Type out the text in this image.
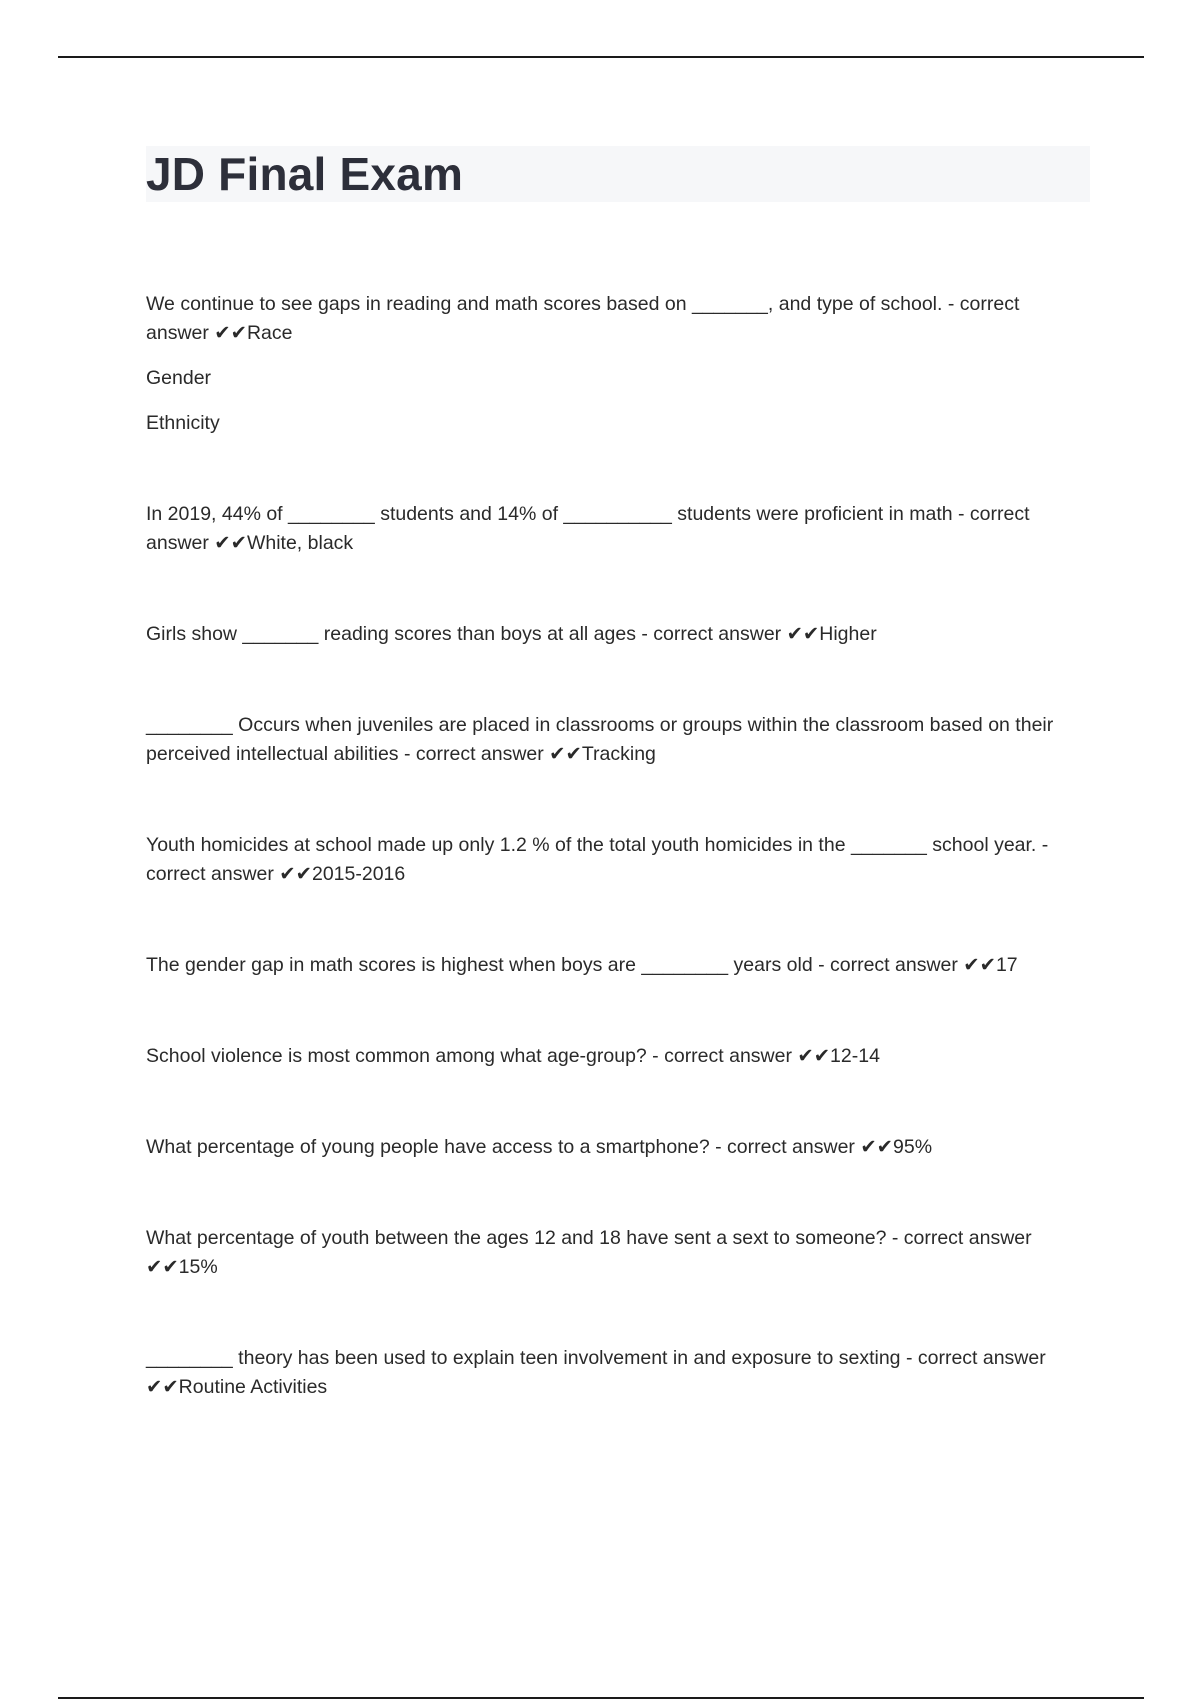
JD Final Exam

We continue to see gaps in reading and math scores based on _______, and type of school. - correct answer ✔✔Race

Gender

Ethnicity

In 2019, 44% of ________ students and 14% of __________ students were proficient in math - correct answer ✔✔White, black

Girls show _______ reading scores than boys at all ages - correct answer ✔✔Higher

________ Occurs when juveniles are placed in classrooms or groups within the classroom based on their perceived intellectual abilities - correct answer ✔✔Tracking

Youth homicides at school made up only 1.2 % of the total youth homicides in the _______ school year. - correct answer ✔✔2015-2016

The gender gap in math scores is highest when boys are ________ years old - correct answer ✔✔17

School violence is most common among what age-group? - correct answer ✔✔12-14

What percentage of young people have access to a smartphone? - correct answer ✔✔95%

What percentage of youth between the ages 12 and 18 have sent a sext to someone? - correct answer ✔✔15%

________ theory has been used to explain teen involvement in and exposure to sexting - correct answer ✔✔Routine Activities
